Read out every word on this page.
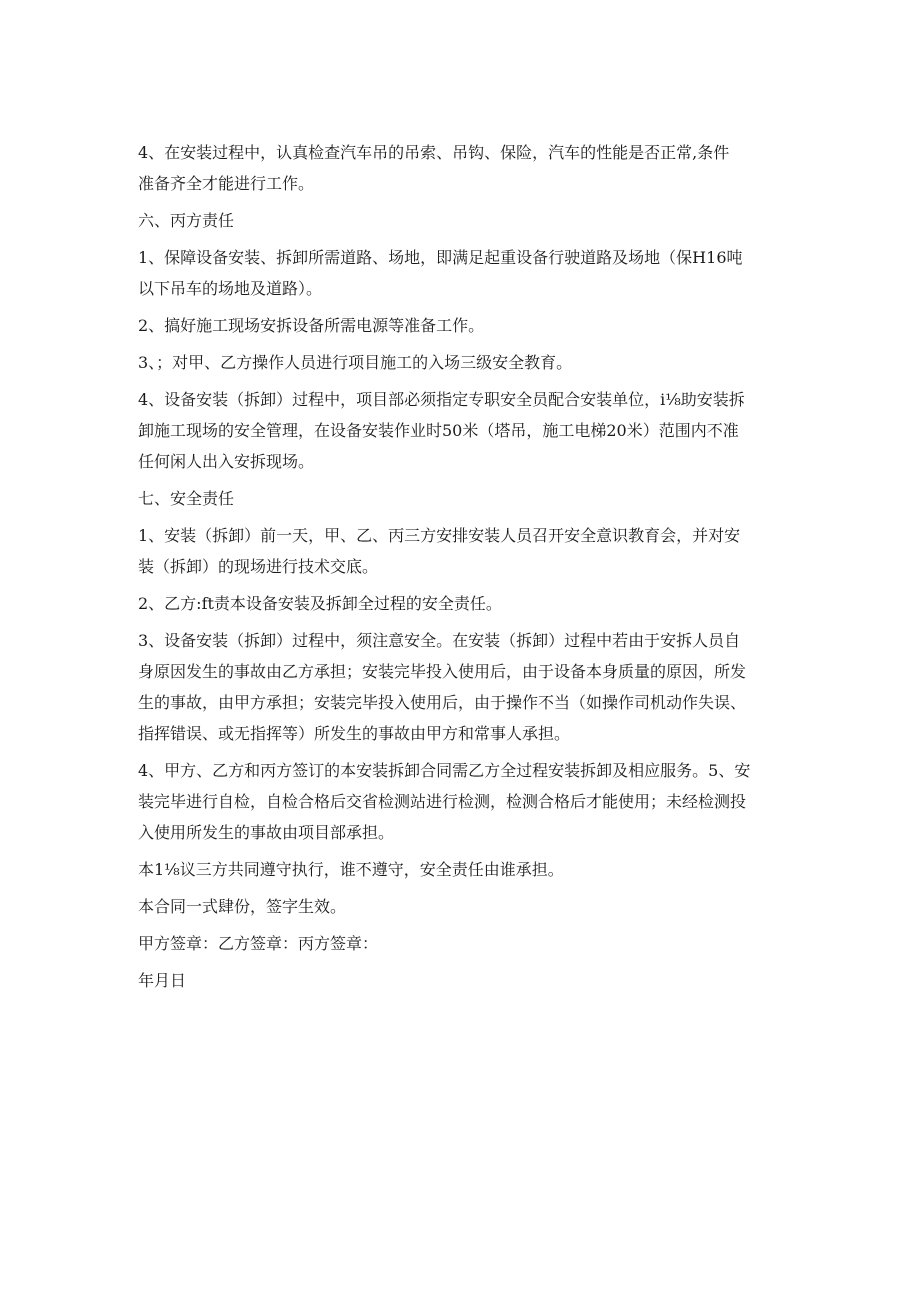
4、在安装过程中，认真检查汽车吊的吊索、吊钩、保险，汽车的性能是否正常,条件
准备齐全才能进行工作。

六、丙方责任

1、保障设备安装、拆卸所需道路、场地，即满足起重设备行驶道路及场地（保H16吨
以下吊车的场地及道路）。

2、搞好施工现场安拆设备所需电源等准备工作。

3、；对甲、乙方操作人员进行项目施工的入场三级安全教育。

4、设备安装（拆卸）过程中，项目部必须指定专职安全员配合安装单位，i⅛助安装拆
卸施工现场的安全管理，在设备安装作业时50米（塔吊，施工电梯20米）范围内不准
任何闲人出入安拆现场。

七、安全责任

1、安装（拆卸）前一天，甲、乙、丙三方安排安装人员召开安全意识教育会，并对安
装（拆卸）的现场进行技术交底。

2、乙方:ft责本设备安装及拆卸全过程的安全责任。

3、设备安装（拆卸）过程中，须注意安全。在安装（拆卸）过程中若由于安拆人员自
身原因发生的事故由乙方承担；安装完毕投入使用后，由于设备本身质量的原因，所发
生的事故，由甲方承担；安装完毕投入使用后，由于操作不当（如操作司机动作失误、
指挥错误、或无指挥等）所发生的事故由甲方和常事人承担。

4、甲方、乙方和丙方签订的本安装拆卸合同需乙方全过程安装拆卸及相应服务。5、安
装完毕进行自检，自检合格后交省检测站进行检测，检测合格后才能使用；未经检测投
入使用所发生的事故由项目部承担。

本1⅛议三方共同遵守执行，谁不遵守，安全责任由谁承担。

本合同一式肆份，签字生效。

甲方签章：乙方签章：丙方签章：

年月日
